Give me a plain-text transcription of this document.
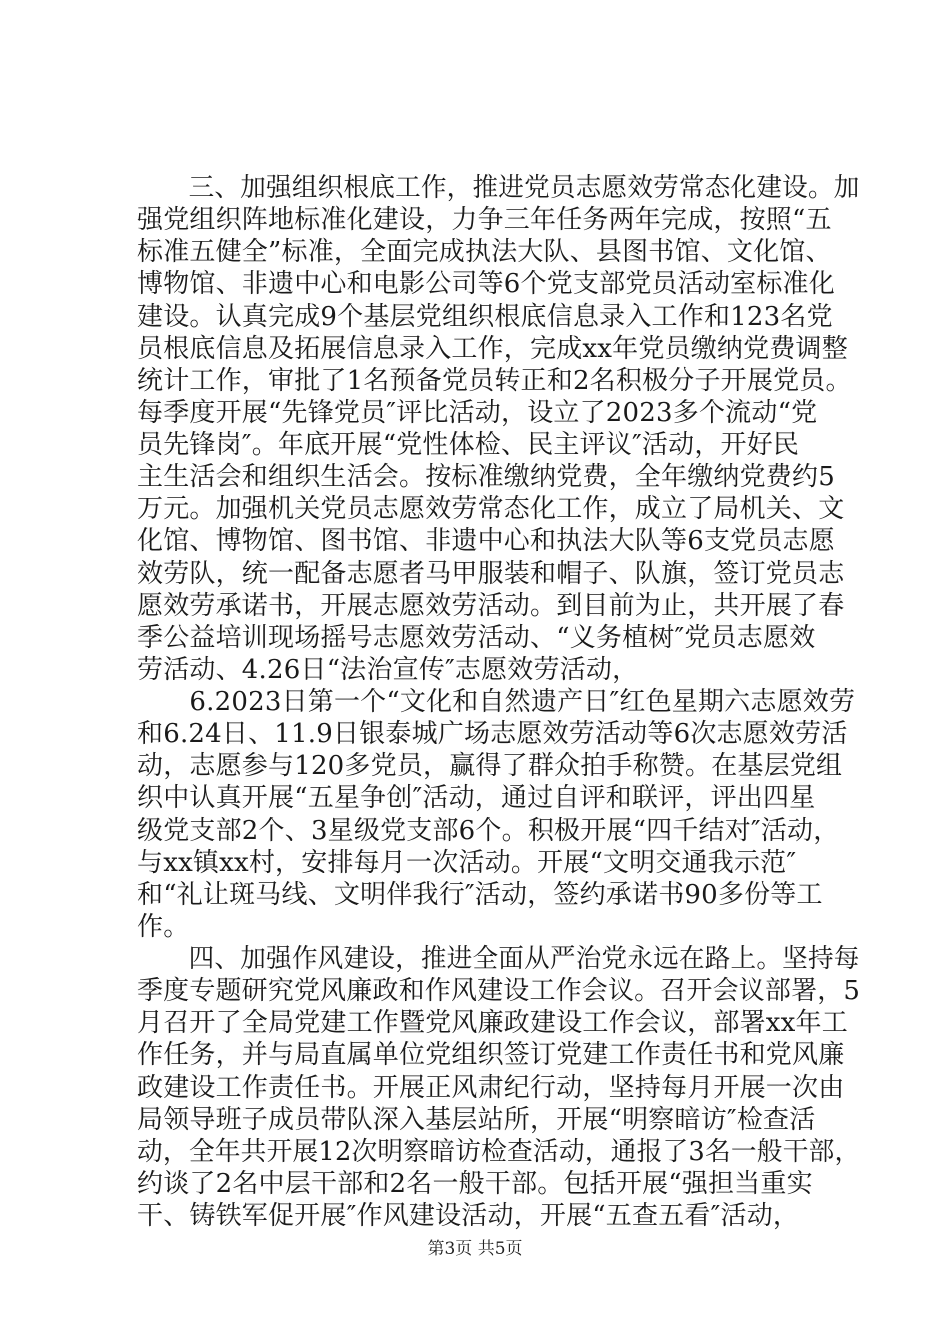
　　三、加强组织根底工作，推进党员志愿效劳常态化建设。加
强党组织阵地标准化建设，力争三年任务两年完成，按照“五
标准五健全”标准，全面完成执法大队、县图书馆、文化馆、
博物馆、非遗中心和电影公司等6个党支部党员活动室标准化
建设。认真完成9个基层党组织根底信息录入工作和123名党
员根底信息及拓展信息录入工作，完成xx年党员缴纳党费调整
统计工作，审批了1名预备党员转正和2名积极分子开展党员。
每季度开展“先锋党员″评比活动，设立了2023多个流动“党
员先锋岗″。年底开展“党性体检、民主评议″活动，开好民
主生活会和组织生活会。按标准缴纳党费，全年缴纳党费约5
万元。加强机关党员志愿效劳常态化工作，成立了局机关、文
化馆、博物馆、图书馆、非遗中心和执法大队等6支党员志愿
效劳队，统一配备志愿者马甲服装和帽子、队旗，签订党员志
愿效劳承诺书，开展志愿效劳活动。到目前为止，共开展了春
季公益培训现场摇号志愿效劳活动、“义务植树″党员志愿效
劳活动、4.26日“法治宣传″志愿效劳活动，
　　6.2023日第一个“文化和自然遗产日″红色星期六志愿效劳
和6.24日、11.9日银泰城广场志愿效劳活动等6次志愿效劳活
动，志愿参与120多党员，赢得了群众拍手称赞。在基层党组
织中认真开展“五星争创″活动，通过自评和联评，评出四星
级党支部2个、3星级党支部6个。积极开展“四千结对″活动，
与xx镇xx村，安排每月一次活动。开展“文明交通我示范″
和“礼让斑马线、文明伴我行″活动，签约承诺书90多份等工
作。
　　四、加强作风建设，推进全面从严治党永远在路上。坚持每
季度专题研究党风廉政和作风建设工作会议。召开会议部署，5
月召开了全局党建工作暨党风廉政建设工作会议，部署xx年工
作任务，并与局直属单位党组织签订党建工作责任书和党风廉
政建设工作责任书。开展正风肃纪行动，坚持每月开展一次由
局领导班子成员带队深入基层站所，开展“明察暗访″检查活
动，全年共开展12次明察暗访检查活动，通报了3名一般干部，
约谈了2名中层干部和2名一般干部。包括开展“强担当重实
干、铸铁军促开展″作风建设活动，开展“五查五看″活动，
第3页 共5页
